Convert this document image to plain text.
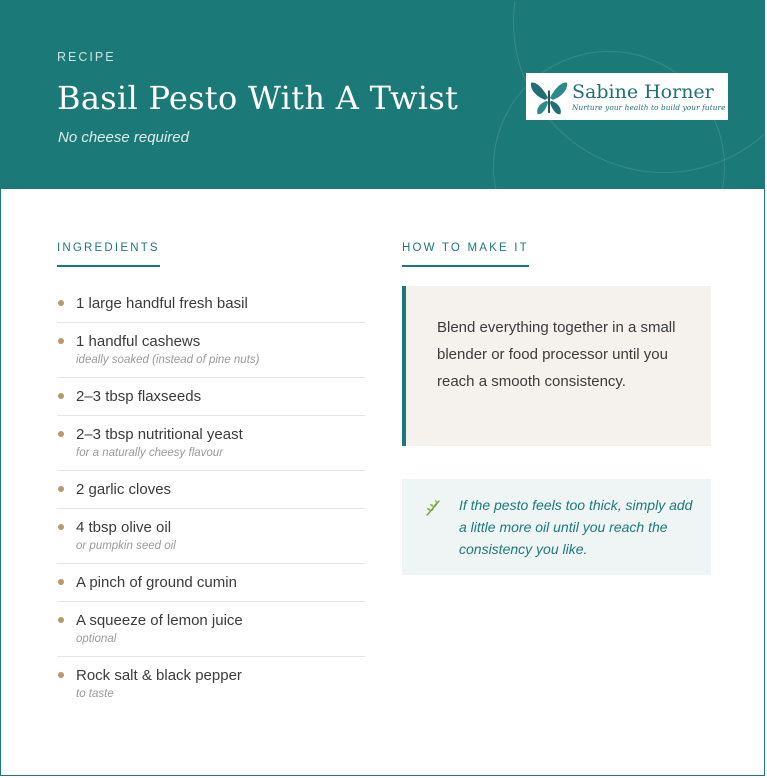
RECIPE
Basil Pesto With A Twist
No cheese required
Sabine Horner
Nurture your health to build your future
INGREDIENTS
1 large handful fresh basil
1 handful cashews
ideally soaked (instead of pine nuts)
2–3 tbsp flaxseeds
2–3 tbsp nutritional yeast
for a naturally cheesy flavour
2 garlic cloves
4 tbsp olive oil
or pumpkin seed oil
A pinch of ground cumin
A squeeze of lemon juice
optional
Rock salt & black pepper
to taste
HOW TO MAKE IT

Blend everything together in a small blender or food processor until you reach a smooth consistency.

If the pesto feels too thick, simply add a little more oil until you reach the consistency you like.
